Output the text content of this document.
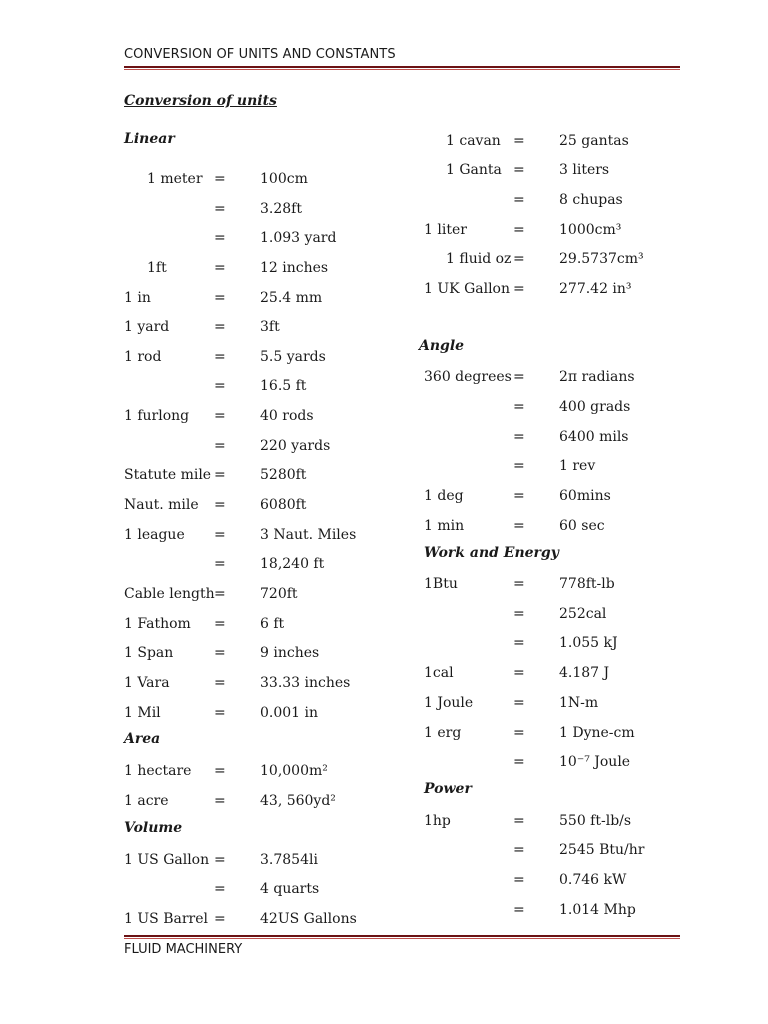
CONVERSION OF UNITS AND CONSTANTS
Conversion of units
Linear
Area
Volume
Angle
Work and Energy
Power
1 meter = 100cm
= 3.28ft
= 1.093 yard
1ft	= 12 inches
1 in	= 25.4 mm
1 yard	= 3ft
1 rod	= 5.5 yards
= 16.5 ft
1 furlong = 40 rods
= 220 yards
Statute mile = 5280ft
Naut. mile = 6080ft
1 league = 3 Naut. Miles
= 18,240 ft
Cable length = 720ft
1 Fathom = 6 ft
1 Span	= 9 inches
1 Vara	= 33.33 inches
1 Mil	= 0.001 in
1 hectare = 10,000m²
1 acre	= 43, 560yd²
1 US Gallon = 3.7854li
= 4 quarts
1 US Barrel = 42US Gallons
1 cavan = 25 gantas
1 Ganta = 3 liters
= 8 chupas
1 liter	= 1000cm³
1 fluid oz = 29.5737cm³
1 UK Gallon = 277.42 in³
360 degrees = 2π radians
= 400 grads
= 6400 mils
= 1 rev
1 deg	= 60mins
1 min	= 60 sec
1Btu	= 778ft-lb
= 252cal
= 1.055 kJ
1cal	= 4.187 J
1 Joule	= 1N-m
1 erg	= 1 Dyne-cm
= 10⁻⁷ Joule
1hp	= 550 ft-lb/s
= 2545 Btu/hr
= 0.746 kW
= 1.014 Mhp
FLUID MACHINERY
